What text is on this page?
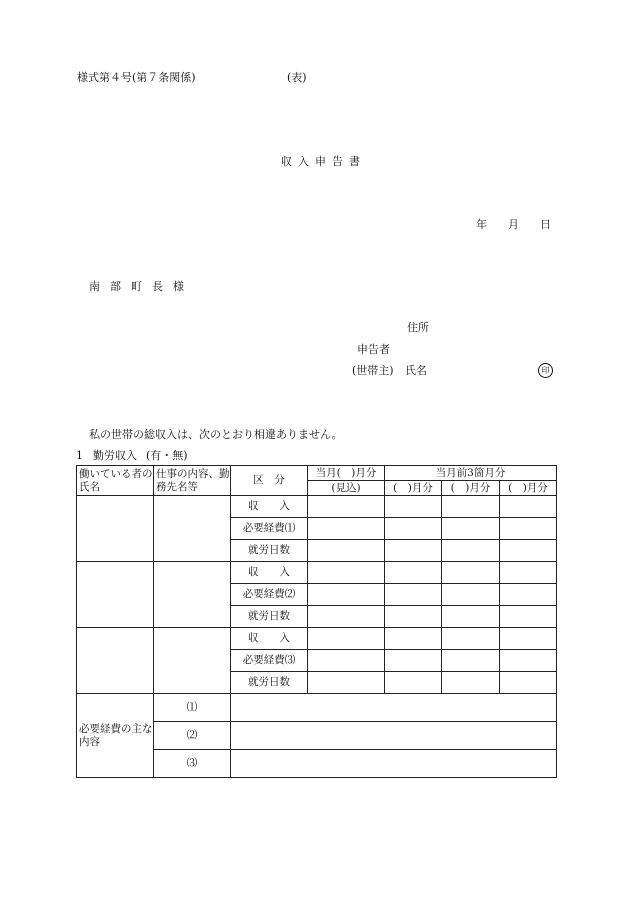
様式第４号(第７条関係)	(表)
収入申告書
年 月 日
南部町長様
住所
申告者
(世帯主) 氏名	印
私の世帯の総収入は、次のとおり相違ありません。
1 勤労収入 (有・無)
働いている者の氏名	仕事の内容、勤務先名等	区　分	当月(　)月分	当月前3箇月分		
			(見込)	(　)月分	(　)月分	(　)月分
		収　　入				
		必要経費⑴				
		就労日数				
		収　　入				
		必要経費⑵				
		就労日数				
		収　　入				
		必要経費⑶				
		就労日数				
必要経費の主な内容	⑴					
	⑵					
	⑶					
